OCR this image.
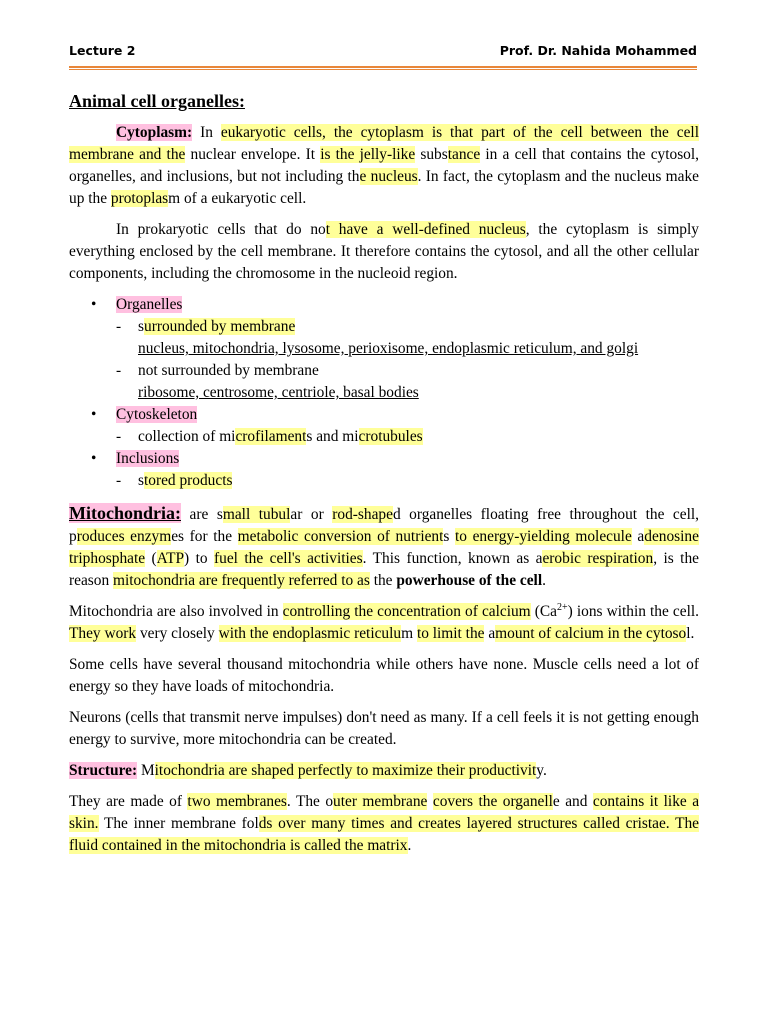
Lecture 2	Prof. Dr. Nahida Mohammed
Animal cell organelles:

Cytoplasm: In eukaryotic cells, the cytoplasm is that part of the cell between the cell membrane and the nuclear envelope. It is the jelly-like substance in a cell that contains the cytosol, organelles, and inclusions, but not including the nucleus. In fact, the cytoplasm and the nucleus make up the protoplasm of a eukaryotic cell.

In prokaryotic cells that do not have a well-defined nucleus, the cytoplasm is simply everything enclosed by the cell membrane. It therefore contains the cytosol, and all the other cellular components, including the chromosome in the nucleoid region.

• Organelles
- surrounded by membrane
nucleus, mitochondria, lysosome, perioxisome, endoplasmic reticulum, and golgi
- not surrounded by membrane
ribosome, centrosome, centriole, basal bodies
• Cytoskeleton
- collection of microfilaments and microtubules
• Inclusions
- stored products

Mitochondria: are small tubular or rod-shaped organelles floating free throughout the cell, produces enzymes for the metabolic conversion of nutrients to energy-yielding molecule adenosine triphosphate (ATP) to fuel the cell's activities. This function, known as aerobic respiration, is the reason mitochondria are frequently referred to as the powerhouse of the cell.

Mitochondria are also involved in controlling the concentration of calcium $(Ca^{2+})$ ions within the cell. They work very closely with the endoplasmic reticulum to limit the amount of calcium in the cytosol.

Some cells have several thousand mitochondria while others have none. Muscle cells need a lot of energy so they have loads of mitochondria.

Neurons (cells that transmit nerve impulses) don't need as many. If a cell feels it is not getting enough energy to survive, more mitochondria can be created.

Structure: Mitochondria are shaped perfectly to maximize their productivity.

They are made of two membranes. The outer membrane covers the organelle and contains it like a skin. The inner membrane folds over many times and creates layered structures called cristae. The fluid contained in the mitochondria is called the matrix.
